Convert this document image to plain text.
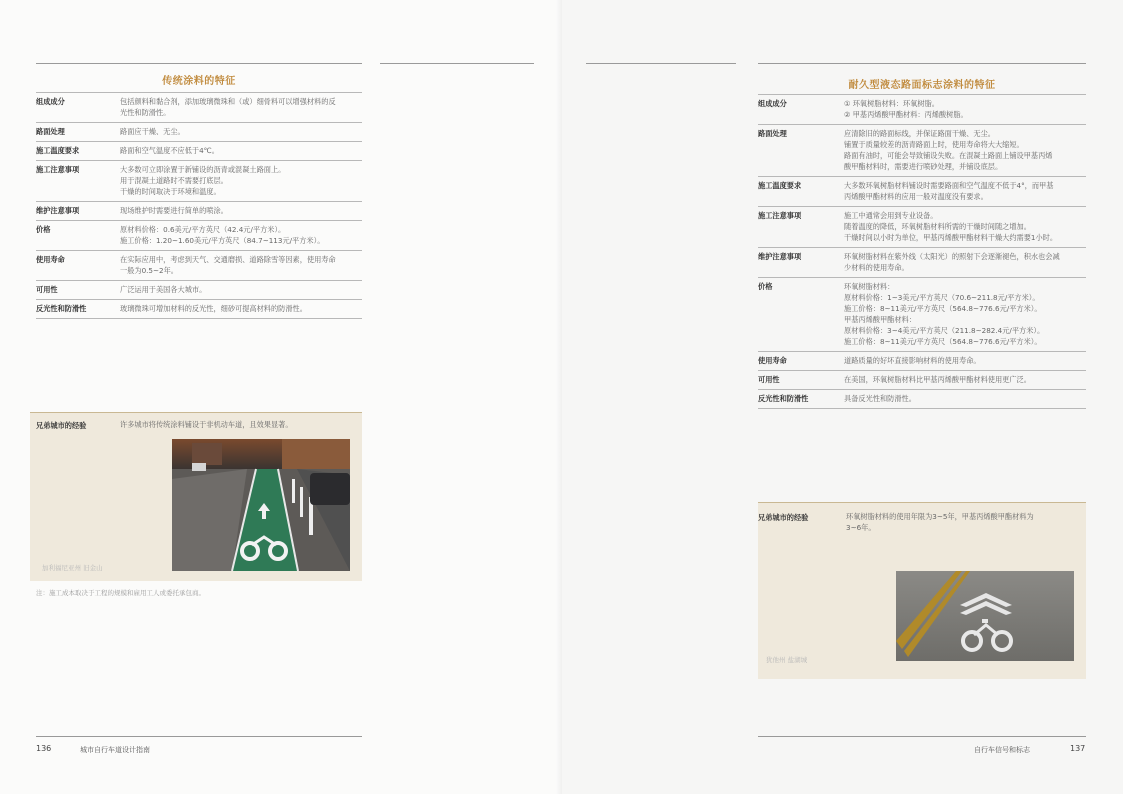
传统涂料的特征
组成成分	包括颜料和黏合剂，添加玻璃微珠和（或）细骨料可以增强材料的反
光性和防滑性。
路面处理	路面应干燥、无尘。
施工温度要求	路面和空气温度不应低于4℃。
施工注意事项	大多数可立即涂置于新铺设的沥青或混凝土路面上。
用于混凝土道路时不需要打底层。
干燥的时间取决于环境和温度。
维护注意事项	现场维护时需要进行简单的喷涂。
价格	原材料价格：0.6美元/平方英尺（42.4元/平方米）。
施工价格：1.20~1.60美元/平方英尺（84.7~113元/平方米）。
使用寿命	在实际应用中，考虑到天气、交通磨损、道路除雪等因素，使用寿命
一般为0.5~2年。
可用性	广泛运用于美国各大城市。
反光性和防滑性	玻璃微珠可增加材料的反光性，细砂可提高材料的防滑性。
兄弟城市的经验	许多城市将传统涂料铺设于非机动车道，且效果显著。
加利福尼亚州 旧金山
注：施工成本取决于工程的规模和雇用工人或委托承包商。
136	城市自行车道设计指南
耐久型液态路面标志涂料的特征
组成成分	① 环氧树脂材料：环氧树脂。
② 甲基丙烯酸甲酯材料：丙烯酸树脂。
路面处理	应清除旧的路面标线，并保证路面干燥、无尘。
铺置于质量较差的沥青路面上时，使用寿命将大大缩短。
路面有油时，可能会导致铺设失败。在混凝土路面上铺设甲基丙烯
酸甲酯材料时，需要进行喷砂处理，并铺设底层。
施工温度要求	大多数环氧树脂材料铺设时需要路面和空气温度不低于4°，而甲基
丙烯酸甲酯材料的应用一般对温度没有要求。
施工注意事项	施工中通常会用到专业设备。
随着温度的降低，环氧树脂材料所需的干燥时间随之增加。
干燥时间以小时为单位，甲基丙烯酸甲酯材料干燥大约需要1小时。
维护注意事项	环氧树脂材料在紫外线（太阳光）的照射下会逐渐褪色，积水也会减
少材料的使用寿命。
价格	环氧树脂材料：
原材料价格：1~3美元/平方英尺（70.6~211.8元/平方米）。
施工价格：8~11美元/平方英尺（564.8~776.6元/平方米）。
甲基丙烯酸甲酯材料：
原材料价格：3~4美元/平方英尺（211.8~282.4元/平方米）。
施工价格：8~11美元/平方英尺（564.8~776.6元/平方米）。
使用寿命	道路质量的好坏直接影响材料的使用寿命。
可用性	在美国，环氧树脂材料比甲基丙烯酸甲酯材料使用更广泛。
反光性和防滑性	具备反光性和防滑性。
兄弟城市的经验	环氧树脂材料的使用年限为3~5年，甲基丙烯酸甲酯材料为
3~6年。
犹他州 盐湖城
自行车信号和标志	137
